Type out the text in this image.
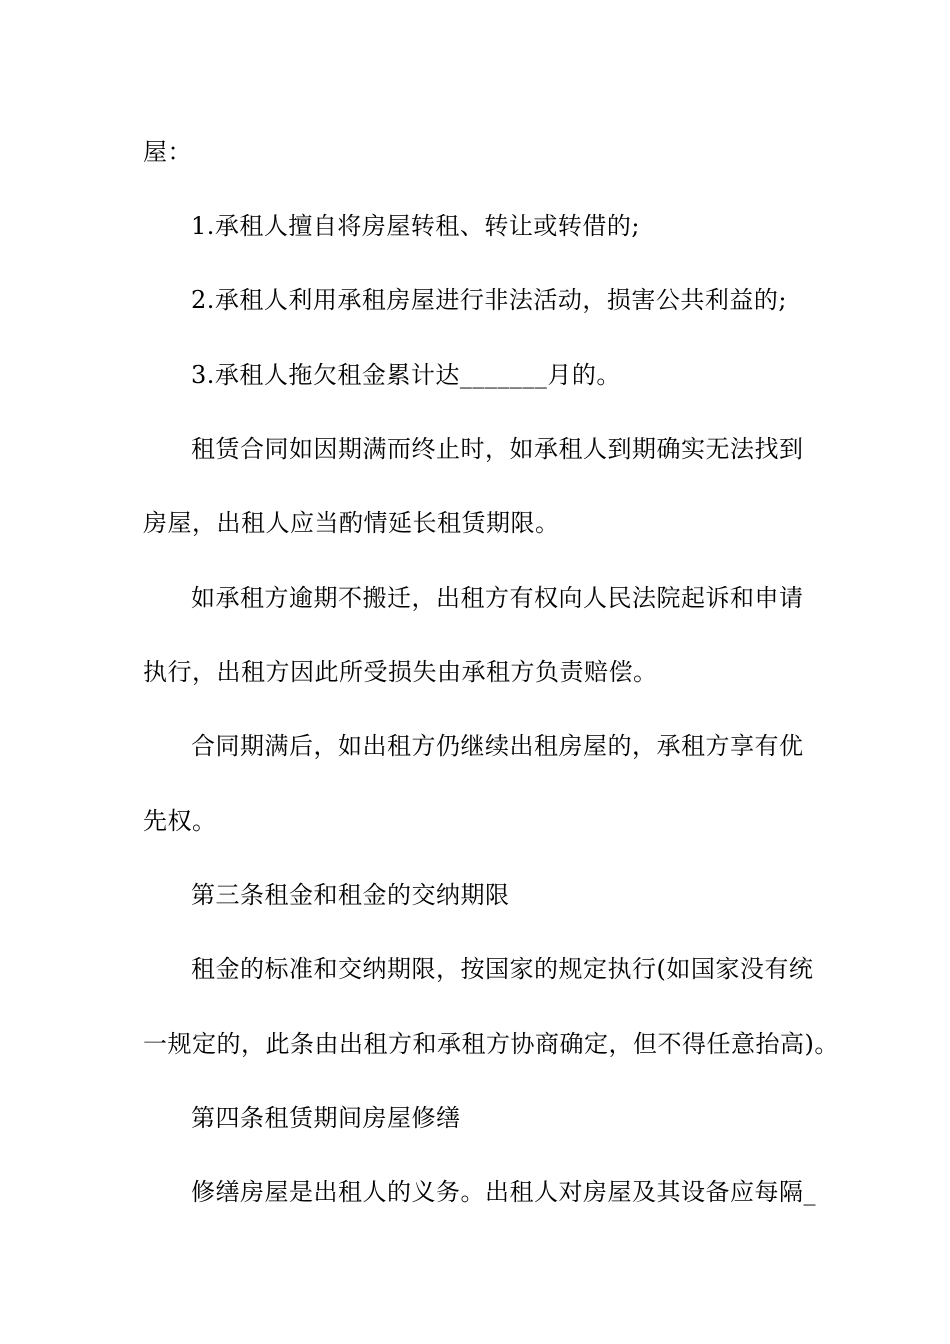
屋：
1.承租人擅自将房屋转租、转让或转借的;
2.承租人利用承租房屋进行非法活动，损害公共利益的;
3.承租人拖欠租金累计达_______月的。
租赁合同如因期满而终止时，如承租人到期确实无法找到
房屋，出租人应当酌情延长租赁期限。
如承租方逾期不搬迁，出租方有权向人民法院起诉和申请
执行，出租方因此所受损失由承租方负责赔偿。
合同期满后，如出租方仍继续出租房屋的，承租方享有优
先权。
第三条租金和租金的交纳期限
租金的标准和交纳期限，按国家的规定执行(如国家没有统
一规定的，此条由出租方和承租方协商确定，但不得任意抬高)。
第四条租赁期间房屋修缮
修缮房屋是出租人的义务。出租人对房屋及其设备应每隔_
